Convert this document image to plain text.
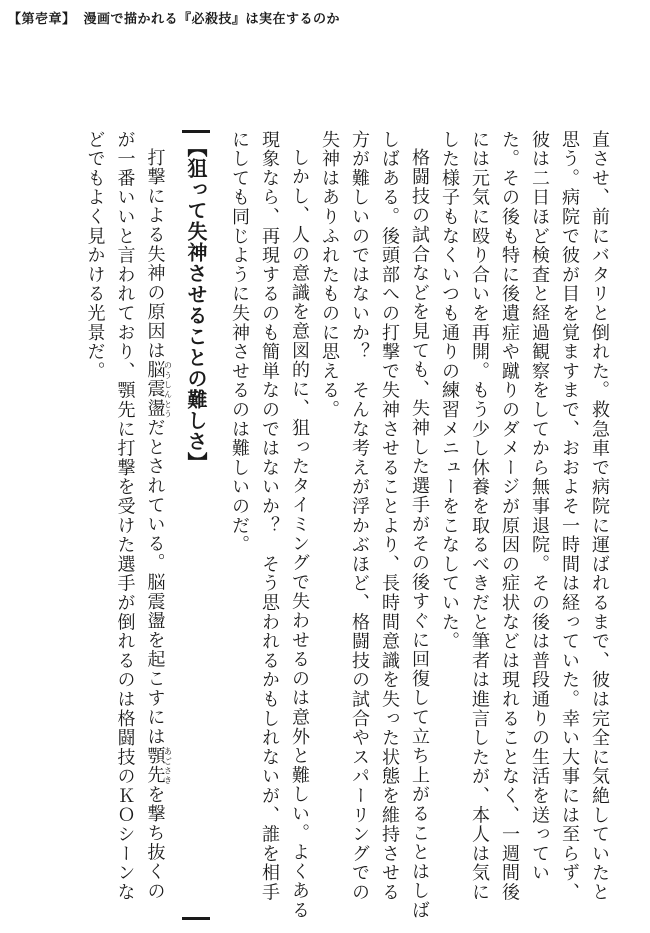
【第壱章】 漫画で描かれる『必殺技』は実在するのか

直させ、前にバタリと倒れた。救急車で病院に運ばれるまで、彼は完全に気絶していたと思う。病院で彼が目を覚ますまで、おおよそ一時間は経っていた。幸い大事には至らず、彼は二日ほど検査と経過観察をしてから無事退院。その後は普段通りの生活を送っていた。その後も特に後遺症や蹴りのダメージが原因の症状などは現れることなく、一週間後には元気に殴り合いを再開。もう少し休養を取るべきだと筆者は進言したが、本人は気にした様子もなくいつも通りの練習メニューをこなしていた。

格闘技の試合などを見ても、失神した選手がその後すぐに回復して立ち上がることはしばしばある。後頭部への打撃で失神させることより、長時間意識を失った状態を維持させる方が難しいのではないか？　そんな考えが浮かぶほど、格闘技の試合やスパーリングでの失神はありふれたものに思える。

しかし、人の意識を意図的に、狙ったタイミングで失わせるのは意外と難しい。よくある現象なら、再現するのも簡単なのではないか？　そう思われるかもしれないが、誰を相手にしても同じように失神させるのは難しいのだ。

【狙って失神させることの難しさ】

打撃による失神の原因は脳震盪のうしんとうだとされている。脳震盪を起こすには顎先あごさきを撃ち抜くのが一番いいと言われており、顎先に打撃を受けた選手が倒れるのは格闘技のＫＯシーンなどでもよく見かける光景だ。
